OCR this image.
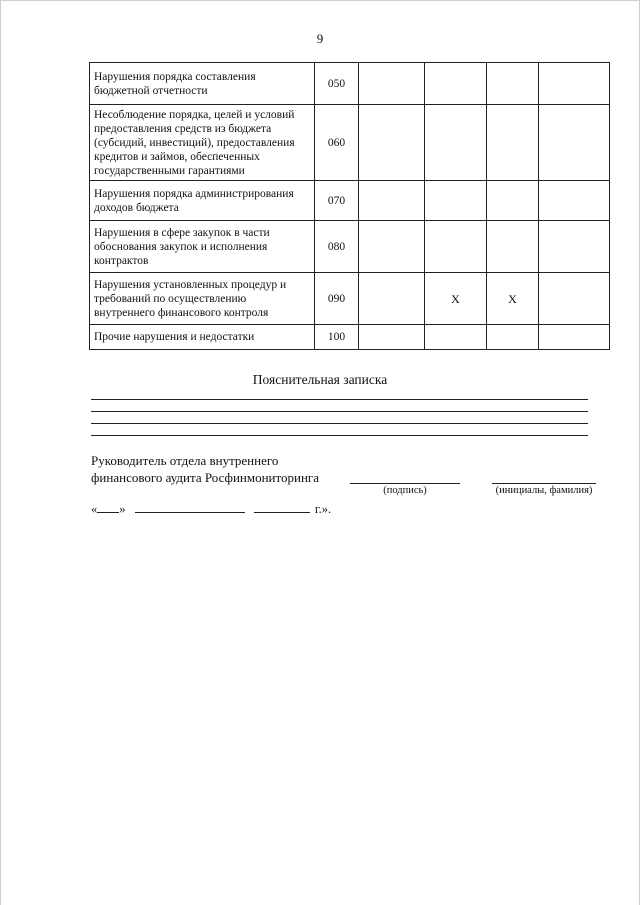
9
Нарушения порядка составления бюджетной отчетности	050				
Несоблюдение порядка, целей и условий предоставления средств из бюджета (субсидий, инвестиций), предоставления кредитов и займов, обеспеченных государственными гарантиями	060				
Нарушения порядка администрирования доходов бюджета	070				
Нарушения в сфере закупок в части обоснования закупок и исполнения контрактов	080				
Нарушения установленных процедур и требований по осуществлению внутреннего финансового контроля	090		X	X	
Прочие нарушения и недостатки	100				
Пояснительная записка
Руководитель отдела внутреннего
финансового аудита Росфинмониторинга
(подпись)	(инициалы, фамилия)
« »	г.».
